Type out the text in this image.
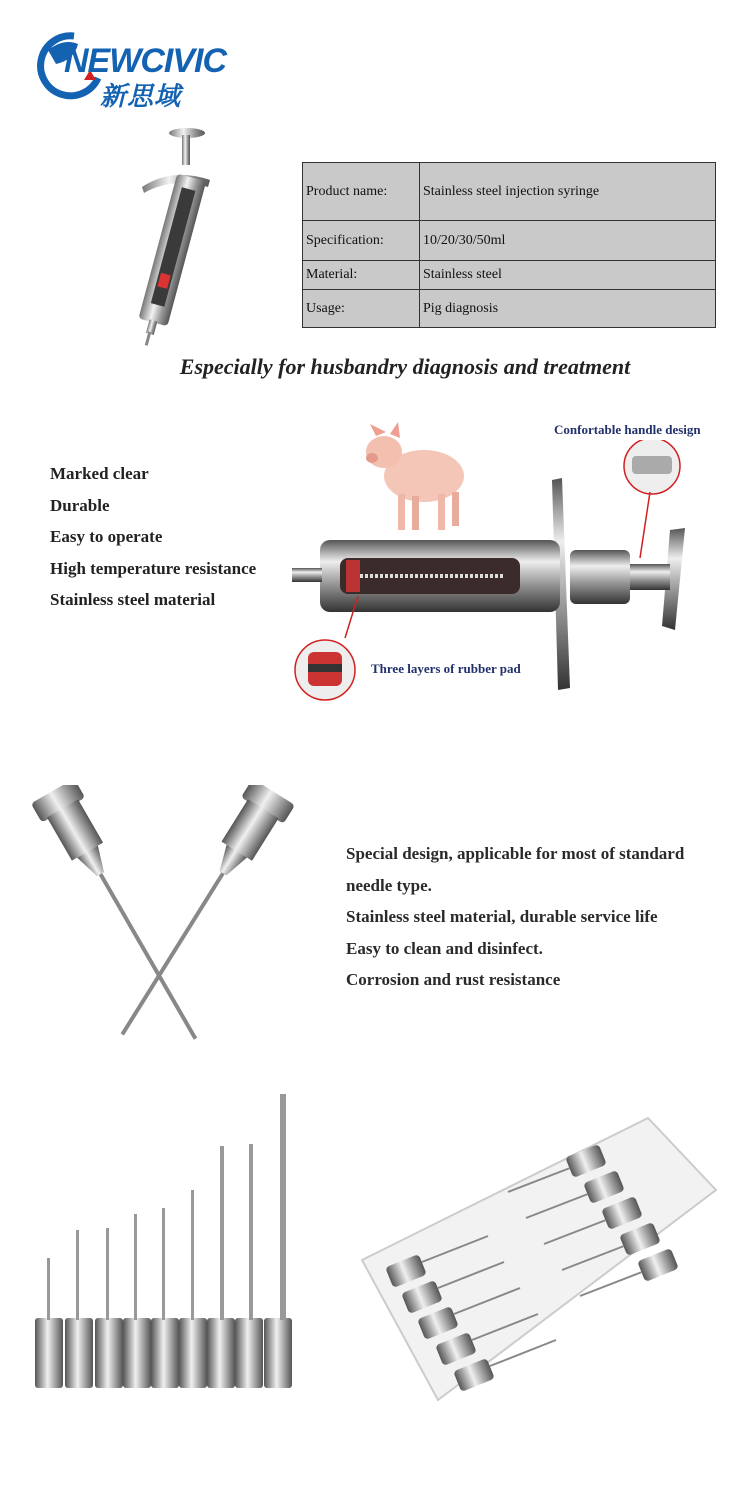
NEWCIVIC
新思域
Product name:	Stainless steel injection syringe
Specification:	10/20/30/50ml
Material:	Stainless steel
Usage:	Pig diagnosis
Especially for husbandry diagnosis and treatment
Marked clear
Durable
Easy to operate
High temperature resistance
Stainless steel material
Confortable handle design
Three layers of rubber pad
Special design, applicable for most of standard
needle type.
Stainless steel material, durable service life
Easy to clean and disinfect.
Corrosion and rust resistance
